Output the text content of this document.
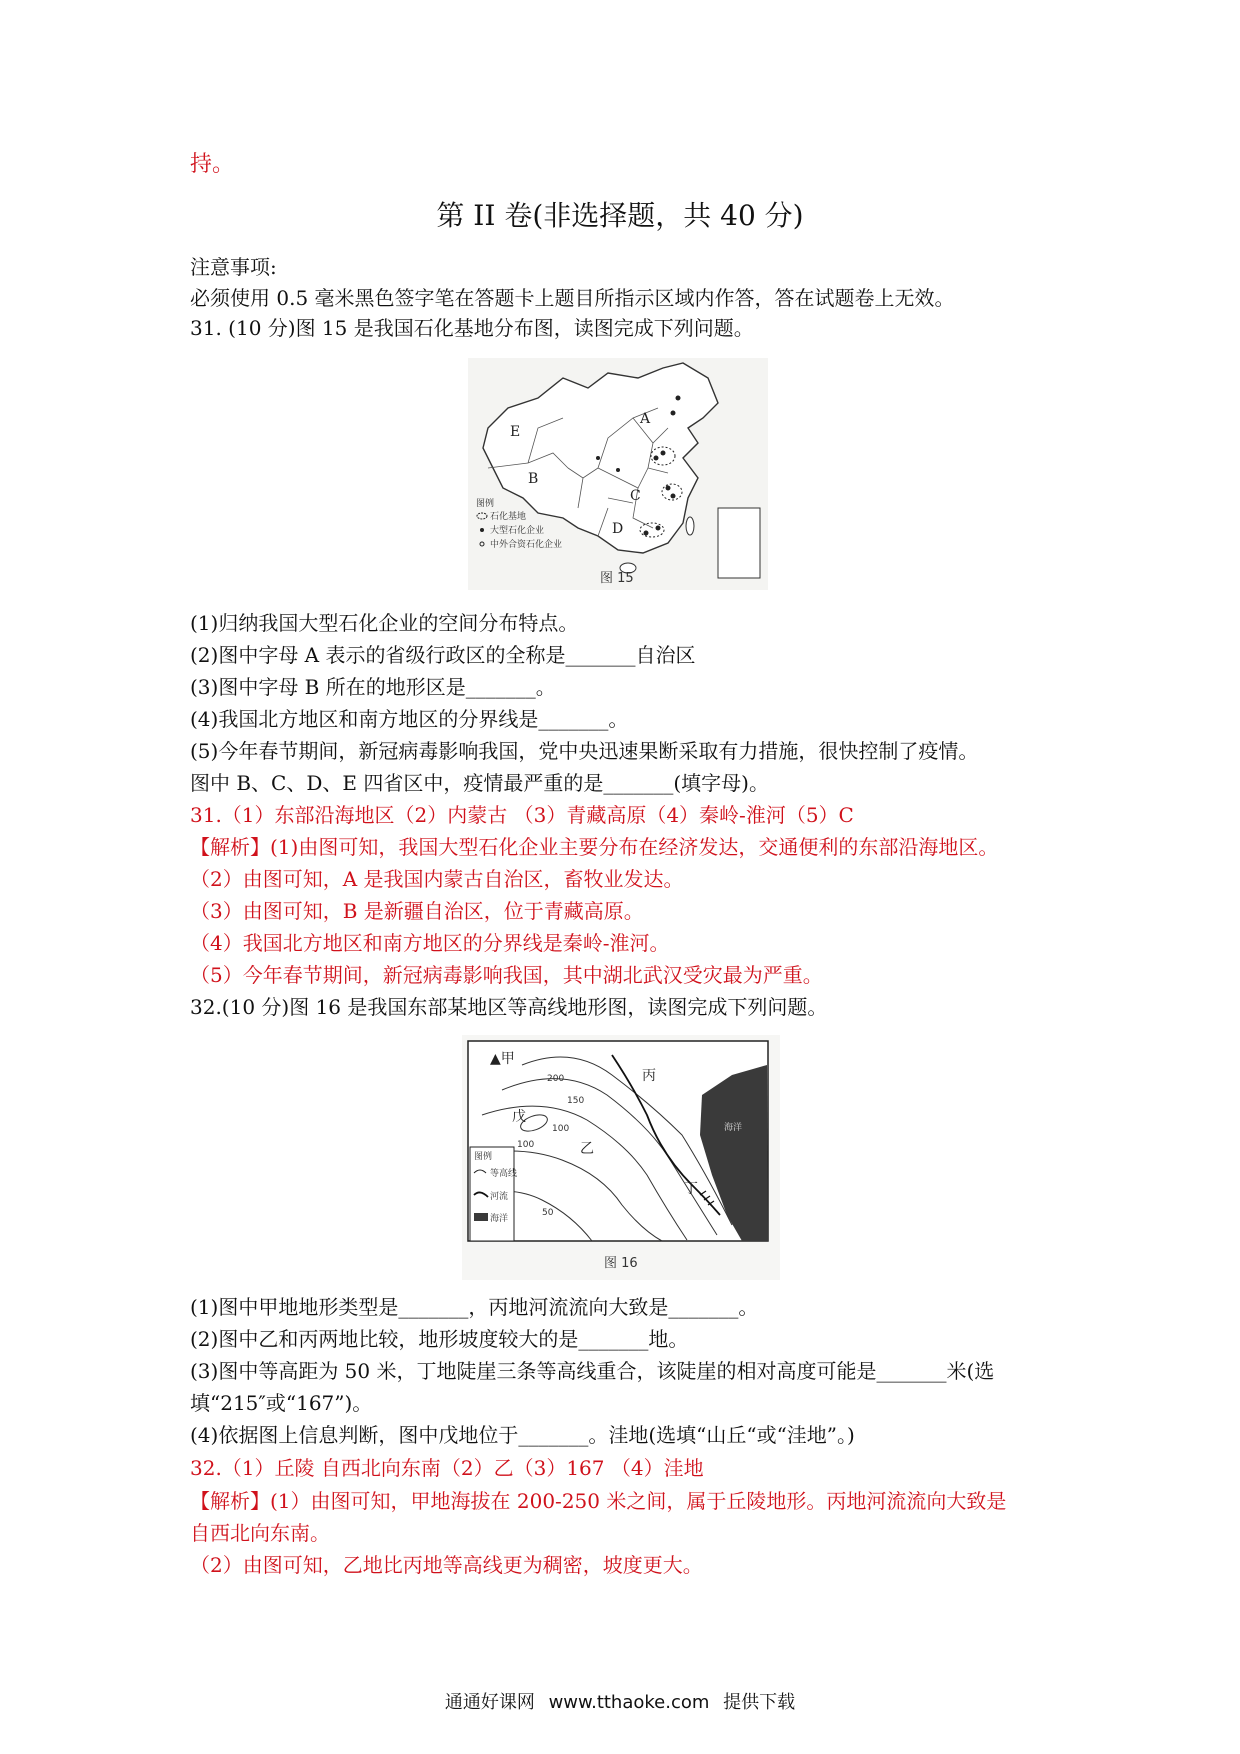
持。
第 II 卷(非选择题，共 40 分)
注意事项:
必须使用 0.5 毫米黑色签字笔在答题卡上题目所指示区域内作答，答在试题卷上无效。
31. (10 分)图 15 是我国石化基地分布图，读图完成下列问题。
E
A
B
C
D
图例
石化基地
大型石化企业
中外合资石化企业
图 15
(1)归纳我国大型石化企业的空间分布特点。
(2)图中字母 A 表示的省级行政区的全称是_______自治区
(3)图中字母 B 所在的地形区是_______。
(4)我国北方地区和南方地区的分界线是_______。
(5)今年春节期间，新冠病毒影响我国，党中央迅速果断采取有力措施，很快控制了疫情。
图中 B、C、D、E 四省区中，疫情最严重的是_______(填字母)。
31.（1）东部沿海地区（2）内蒙古 （3）青藏高原（4）秦岭-淮河（5）C
【解析】(1)由图可知，我国大型石化企业主要分布在经济发达，交通便利的东部沿海地区。
（2）由图可知，A 是我国内蒙古自治区，畜牧业发达。
（3）由图可知，B 是新疆自治区，位于青藏高原。
（4）我国北方地区和南方地区的分界线是秦岭-淮河。
（5）今年春节期间，新冠病毒影响我国，其中湖北武汉受灾最为严重。
32.(10 分)图 16 是我国东部某地区等高线地形图，读图完成下列问题。
▲甲
乙
丙
丁
戊
200
150
100
100
50
海洋
图例
等高线
河流
海洋
图 16
(1)图中甲地地形类型是_______，丙地河流流向大致是_______。
(2)图中乙和丙两地比较，地形坡度较大的是_______地。
(3)图中等高距为 50 米，丁地陡崖三条等高线重合，该陡崖的相对高度可能是_______米(选
填“215″或“167”)。
(4)依据图上信息判断，图中戊地位于_______。洼地(选填“山丘“或“洼地”。)
32.（1）丘陵 自西北向东南（2）乙（3）167 （4）洼地
【解析】(1）由图可知，甲地海拔在 200-250 米之间，属于丘陵地形。丙地河流流向大致是
自西北向东南。
（2）由图可知，乙地比丙地等高线更为稠密，坡度更大。
通通好课网 www.tthaoke.com 提供下载
